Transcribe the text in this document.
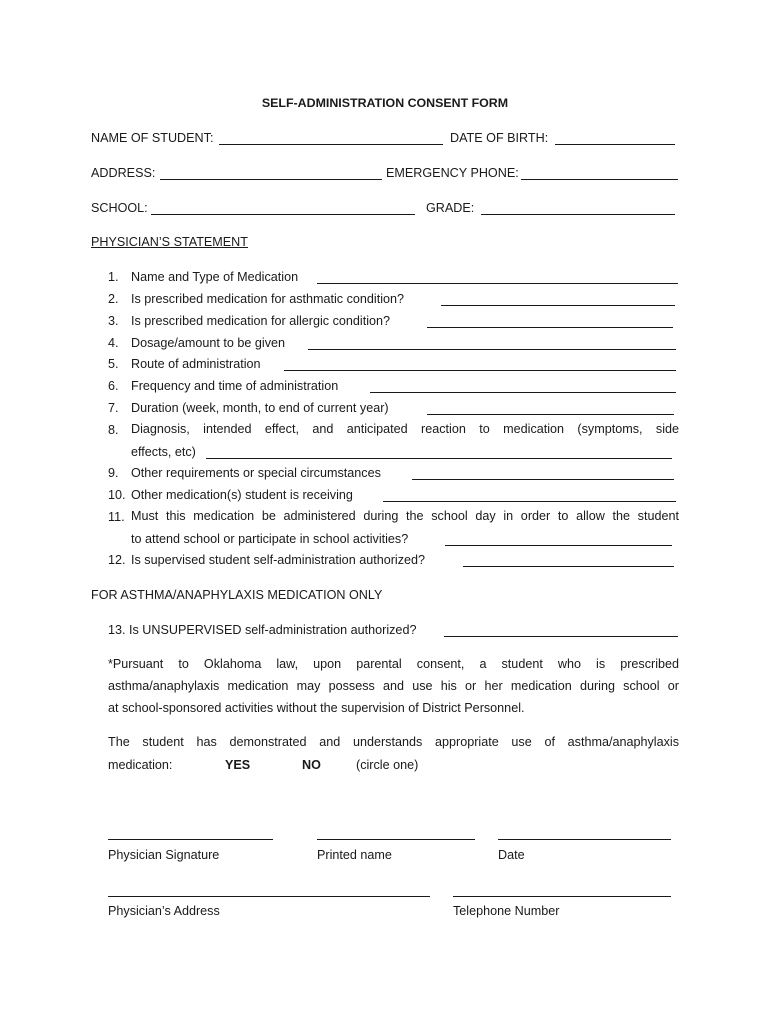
SELF-ADMINISTRATION CONSENT FORM
NAME OF STUDENT:	DATE OF BIRTH:
ADDRESS:	EMERGENCY PHONE:
SCHOOL:	GRADE:
PHYSICIAN’S STATEMENT
1. Name and Type of Medication
2. Is prescribed medication for asthmatic condition?
3. Is prescribed medication for allergic condition?
4. Dosage/amount to be given
5. Route of administration
6. Frequency and time of administration
7. Duration (week, month, to end of current year)
8. Diagnosis, intended effect, and anticipated reaction to medication (symptoms, side
effects, etc)
9. Other requirements or special circumstances
10. Other medication(s) student is receiving
11. Must this medication be administered during the school day in order to allow the student
to attend school or participate in school activities?
12. Is supervised student self-administration authorized?
FOR ASTHMA/ANAPHYLAXIS MEDICATION ONLY
13. Is UNSUPERVISED self-administration authorized?
*Pursuant to Oklahoma law, upon parental consent, a student who is prescribed
asthma/anaphylaxis medication may possess and use his or her medication during school or
at school-sponsored activities without the supervision of District Personnel.
The student has demonstrated and understands appropriate use of asthma/anaphylaxis
medication:	YES	NO	(circle one)
Physician Signature	Printed name	Date
Physician’s Address	Telephone Number
